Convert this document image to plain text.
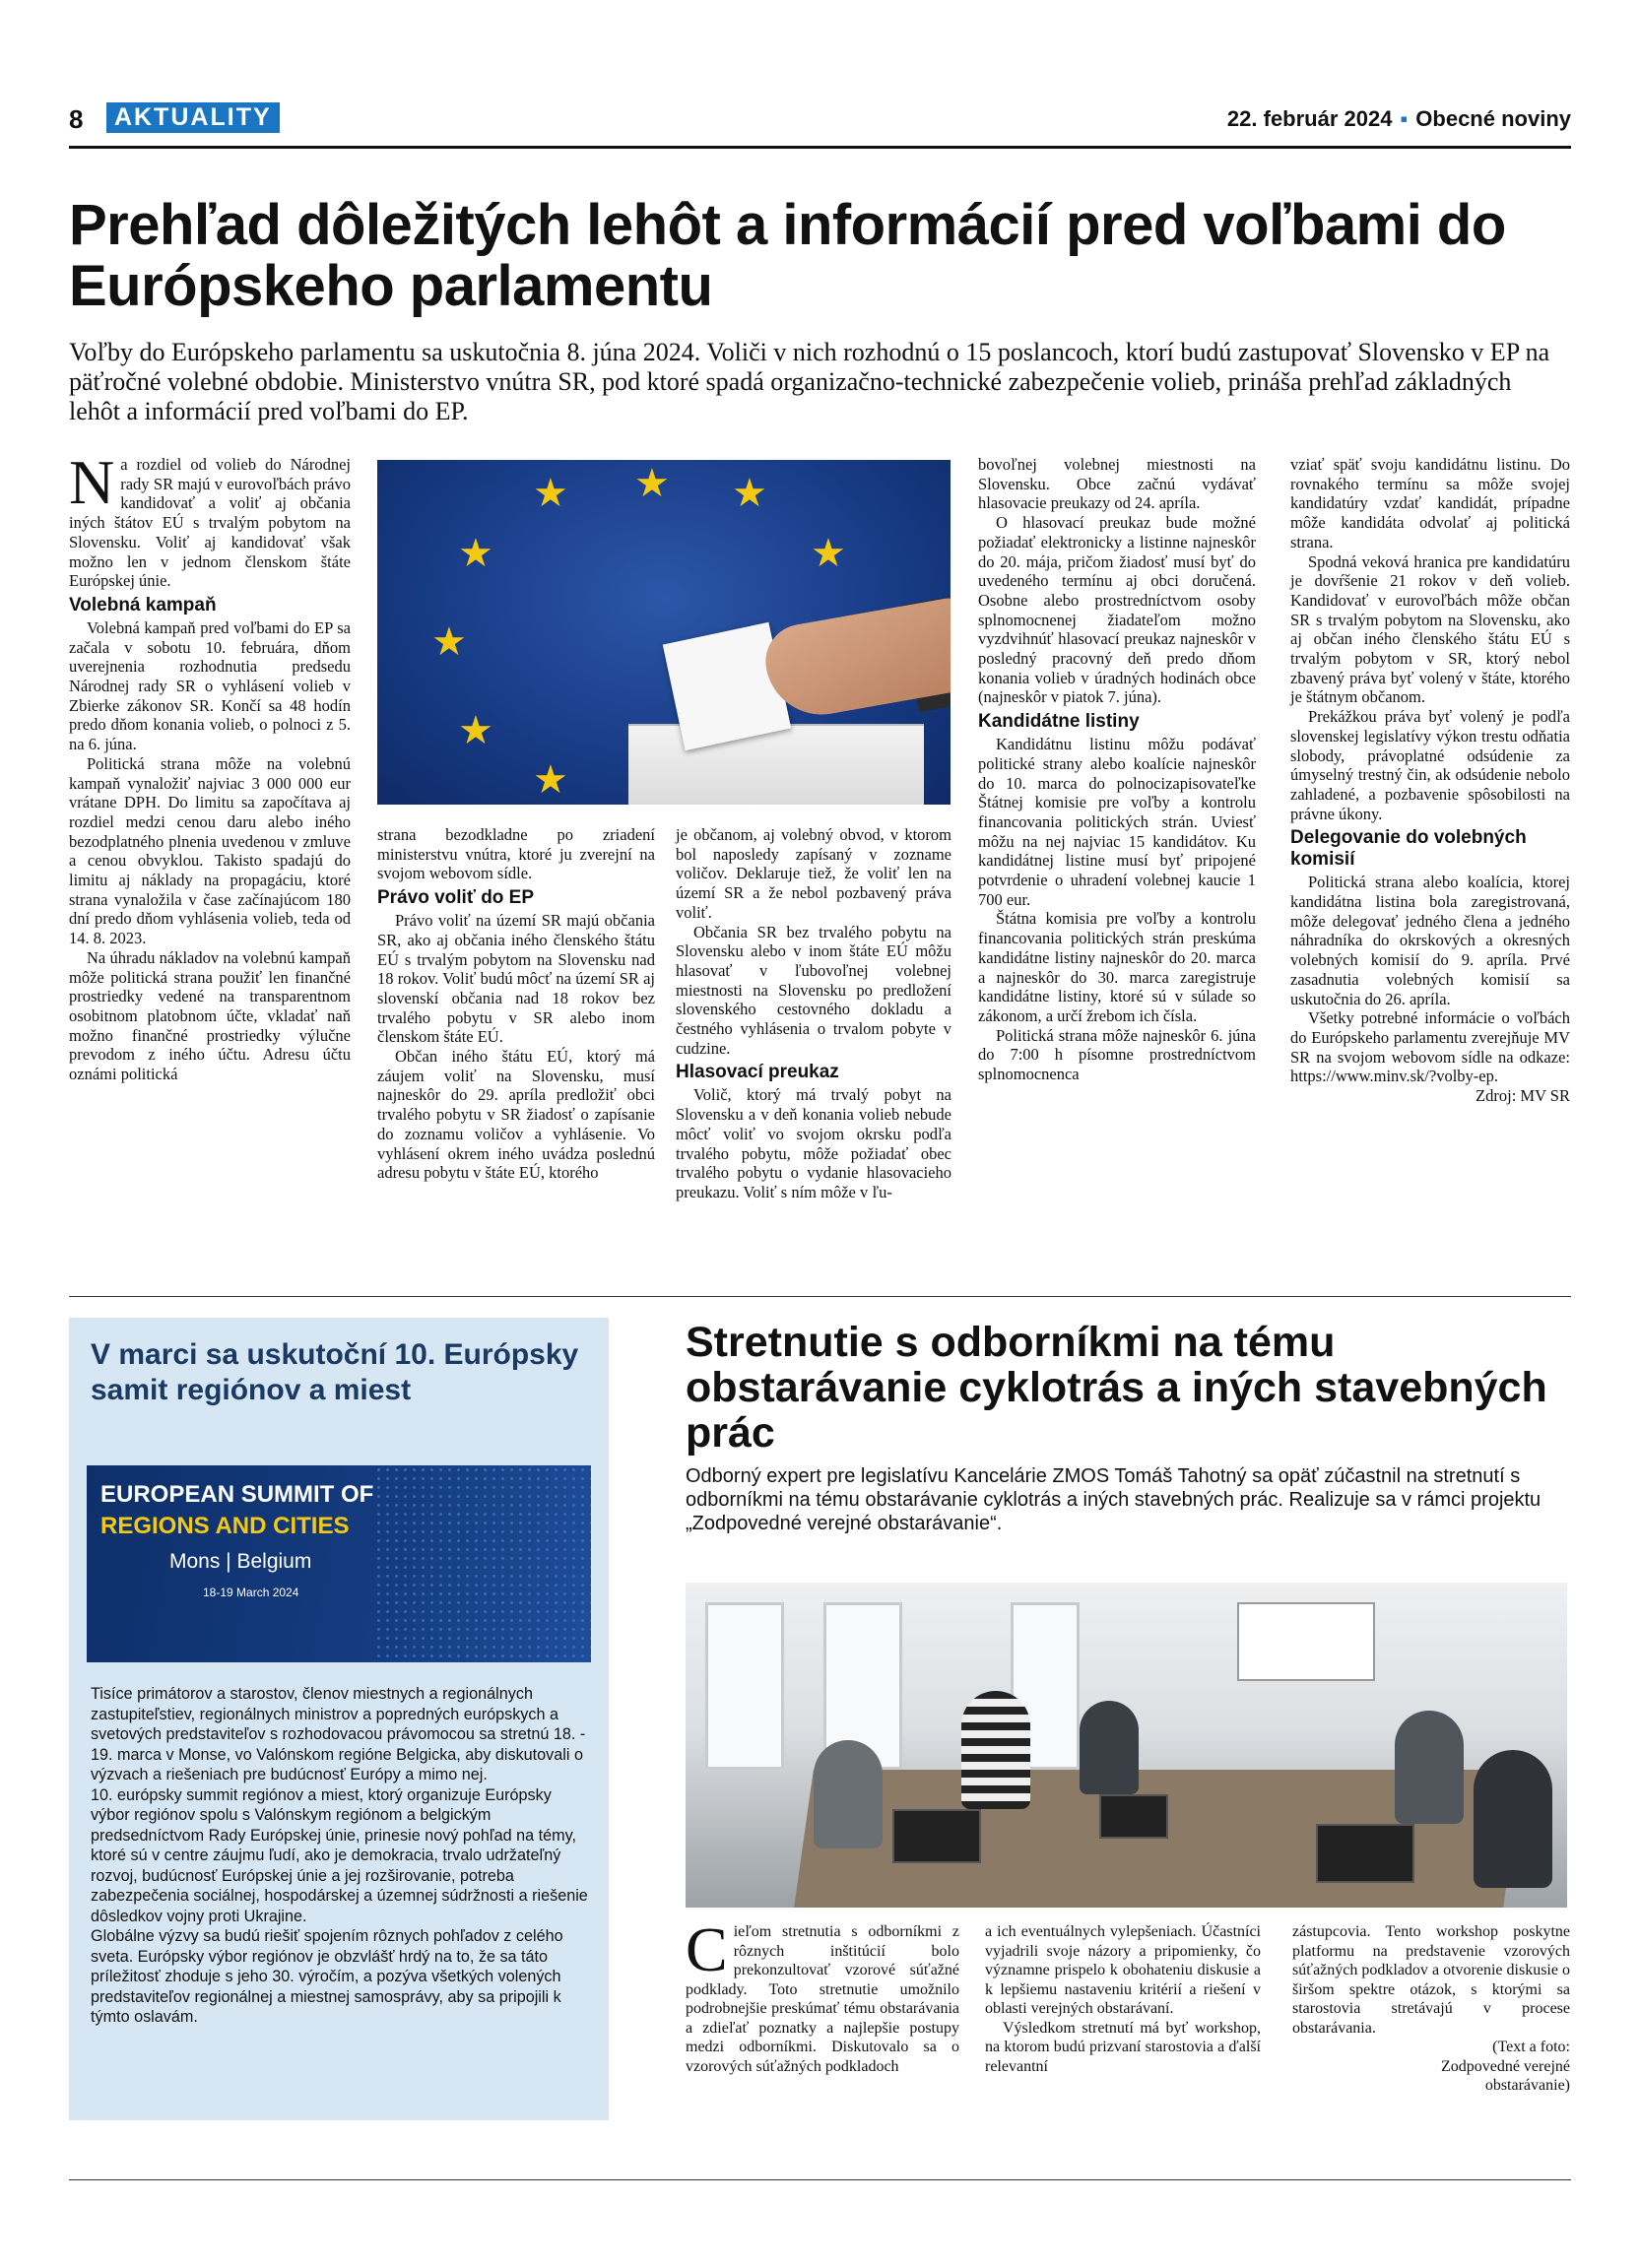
8	AKTUALITY	22. február 2024 ▪ Obecné noviny
Prehľad dôležitých lehôt a informácií pred voľbami do Európskeho parlamentu

Voľby do Európskeho parlamentu sa uskutočnia 8. júna 2024. Voliči v nich rozhodnú o 15 poslancoch, ktorí budú zastupovať Slovensko v EP na päťročné volebné obdobie. Ministerstvo vnútra SR, pod ktoré spadá organizačno-technické zabezpečenie volieb, prináša prehľad základných lehôt a informácií pred voľbami do EP.

Na rozdiel od volieb do Národnej rady SR majú v eurovoľbách právo kandidovať a voliť aj občania iných štátov EÚ s trvalým pobytom na Slovensku. Voliť aj kandidovať však možno len v jednom členskom štáte Európskej únie.

Volebná kampaň

Volebná kampaň pred voľbami do EP sa začala v sobotu 10. februára, dňom uverejnenia rozhodnutia predsedu Národnej rady SR o vyhlásení volieb v Zbierke zákonov SR. Končí sa 48 hodín predo dňom konania volieb, o polnoci z 5. na 6. júna.

Politická strana môže na volebnú kampaň vynaložiť najviac 3 000 000 eur vrátane DPH. Do limitu sa započítava aj rozdiel medzi cenou daru alebo iného bezodplatného plnenia uvedenou v zmluve a cenou obvyklou. Takisto spadajú do limitu aj náklady na propagáciu, ktoré strana vynaložila v čase začínajúcom 180 dní predo dňom vyhlásenia volieb, teda od 14. 8. 2023.

Na úhradu nákladov na volebnú kampaň môže politická strana použiť len finančné prostriedky vedené na transparentnom osobitnom platobnom účte, vkladať naň možno finančné prostriedky výlučne prevodom z iného účtu. Adresu účtu oznámi politická

★
★	★
★	★
★
★
★

strana bezodkladne po zriadení ministerstvu vnútra, ktoré ju zverejní na svojom webovom sídle.

Právo voliť do EP

Právo voliť na území SR majú občania SR, ako aj občania iného členského štátu EÚ s trvalým pobytom na Slovensku nad 18 rokov. Voliť budú môcť na území SR aj slovenskí občania nad 18 rokov bez trvalého pobytu v SR alebo inom členskom štáte EÚ.

Občan iného štátu EÚ, ktorý má záujem voliť na Slovensku, musí najneskôr do 29. apríla predložiť obci trvalého pobytu v SR žiadosť o zapísanie do zoznamu voličov a vyhlásenie. Vo vyhlásení okrem iného uvádza poslednú adresu pobytu v štáte EÚ, ktorého

je občanom, aj volebný obvod, v ktorom bol naposledy zapísaný v zozname voličov. Deklaruje tiež, že voliť len na území SR a že nebol pozbavený práva voliť.

Občania SR bez trvalého pobytu na Slovensku alebo v inom štáte EÚ môžu hlasovať v ľubovoľnej volebnej miestnosti na Slovensku po predložení slovenského cestovného dokladu a čestného vyhlásenia o trvalom pobyte v cudzine.

Hlasovací preukaz

Volič, ktorý má trvalý pobyt na Slovensku a v deň konania volieb nebude môcť voliť vo svojom okrsku podľa trvalého pobytu, môže požiadať obec trvalého pobytu o vydanie hlasovacieho preukazu. Voliť s ním môže v ľu-

bovoľnej volebnej miestnosti na Slovensku. Obce začnú vydávať hlasovacie preukazy od 24. apríla.

O hlasovací preukaz bude možné požiadať elektronicky a listinne najneskôr do 20. mája, pričom žiadosť musí byť do uvedeného termínu aj obci doručená. Osobne alebo prostredníctvom osoby splnomocnenej žiadateľom možno vyzdvihnúť hlasovací preukaz najneskôr v posledný pracovný deň predo dňom konania volieb v úradných hodinách obce (najneskôr v piatok 7. júna).

Kandidátne listiny

Kandidátnu listinu môžu podávať politické strany alebo koalície najneskôr do 10. marca do polnocizapisovateľke Štátnej komisie pre voľby a kontrolu financovania politických strán. Uviesť môžu na nej najviac 15 kandidátov. Ku kandidátnej listine musí byť pripojené potvrdenie o uhradení volebnej kaucie 1 700 eur.

Štátna komisia pre voľby a kontrolu financovania politických strán preskúma kandidátne listiny najneskôr do 20. marca a najneskôr do 30. marca zaregistruje kandidátne listiny, ktoré sú v súlade so zákonom, a určí žrebom ich čísla.

Politická strana môže najneskôr 6. júna do 7:00 h písomne prostredníctvom splnomocnenca

vziať späť svoju kandidátnu listinu. Do rovnakého termínu sa môže svojej kandidatúry vzdať kandidát, prípadne môže kandidáta odvolať aj politická strana.

Spodná veková hranica pre kandidatúru je dovŕšenie 21 rokov v deň volieb. Kandidovať v eurovoľbách môže občan SR s trvalým pobytom na Slovensku, ako aj občan iného členského štátu EÚ s trvalým pobytom v SR, ktorý nebol zbavený práva byť volený v štáte, ktorého je štátnym občanom.

Prekážkou práva byť volený je podľa slovenskej legislatívy výkon trestu odňatia slobody, právoplatné odsúdenie za úmyselný trestný čin, ak odsúdenie nebolo zahladené, a pozbavenie spôsobilosti na právne úkony.

Delegovanie do volebných komisií

Politická strana alebo koalícia, ktorej kandidátna listina bola zaregistrovaná, môže delegovať jedného člena a jedného náhradníka do okrskových a okresných volebných komisií do 9. apríla. Prvé zasadnutia volebných komisií sa uskutočnia do 26. apríla.

Všetky potrebné informácie o voľbách do Európskeho parlamentu zverejňuje MV SR na svojom webovom sídle na odkaze: https://www.minv.sk/?volby-ep.

Zdroj: MV SR

V marci sa uskutoční 10. Európsky samit regiónov a miest
EUROPEAN SUMMIT OF
REGIONS AND CITIES
Mons | Belgium
18-19 March 2024

Tisíce primátorov a starostov, členov miestnych a regionálnych zastupiteľstiev, regionálnych ministrov a popredných európskych a svetových predstaviteľov s rozhodovacou právomocou sa stretnú 18. - 19. marca v Monse, vo Valónskom regióne Belgicka, aby diskutovali o výzvach a riešeniach pre budúcnosť Európy a mimo nej.

10. európsky summit regiónov a miest, ktorý organizuje Európsky výbor regiónov spolu s Valónskym regiónom a belgickým predsedníctvom Rady Európskej únie, prinesie nový pohľad na témy, ktoré sú v centre záujmu ľudí, ako je demokracia, trvalo udržateľný rozvoj, budúcnosť Európskej únie a jej rozširovanie, potreba zabezpečenia sociálnej, hospodárskej a územnej súdržnosti a riešenie dôsledkov vojny proti Ukrajine.

Globálne výzvy sa budú riešiť spojením rôznych pohľadov z celého sveta. Európsky výbor regiónov je obzvlášť hrdý na to, že sa táto príležitosť zhoduje s jeho 30. výročím, a pozýva všetkých volených predstaviteľov regionálnej a miestnej samosprávy, aby sa pripojili k týmto oslavám.

Stretnutie s odborníkmi na tému obstarávanie cyklotrás a iných stavebných prác

Odborný expert pre legislatívu Kancelárie ZMOS Tomáš Tahotný sa opäť zúčastnil na stretnutí s odborníkmi na tému obstarávanie cyklotrás a iných stavebných prác. Realizuje sa v rámci projektu „Zodpovedné verejné obstarávanie“.

Cieľom stretnutia s odborníkmi z rôznych inštitúcií bolo prekonzultovať vzorové súťažné podklady. Toto stretnutie umožnilo podrobnejšie preskúmať tému obstarávania a zdieľať poznatky a najlepšie postupy medzi odborníkmi. Diskutovalo sa o vzorových súťažných podkladoch

a ich eventuálnych vylepšeniach. Účastníci vyjadrili svoje názory a pripomienky, čo významne prispelo k obohateniu diskusie a k lepšiemu nastaveniu kritérií a riešení v oblasti verejných obstarávaní.

Výsledkom stretnutí má byť workshop, na ktorom budú prizvaní starostovia a ďalší relevantní

zástupcovia. Tento workshop poskytne platformu na predstavenie vzorových súťažných podkladov a otvorenie diskusie o širšom spektre otázok, s ktorými sa starostovia stretávajú v procese obstarávania.

(Text a foto:

Zodpovedné verejné

obstarávanie)
